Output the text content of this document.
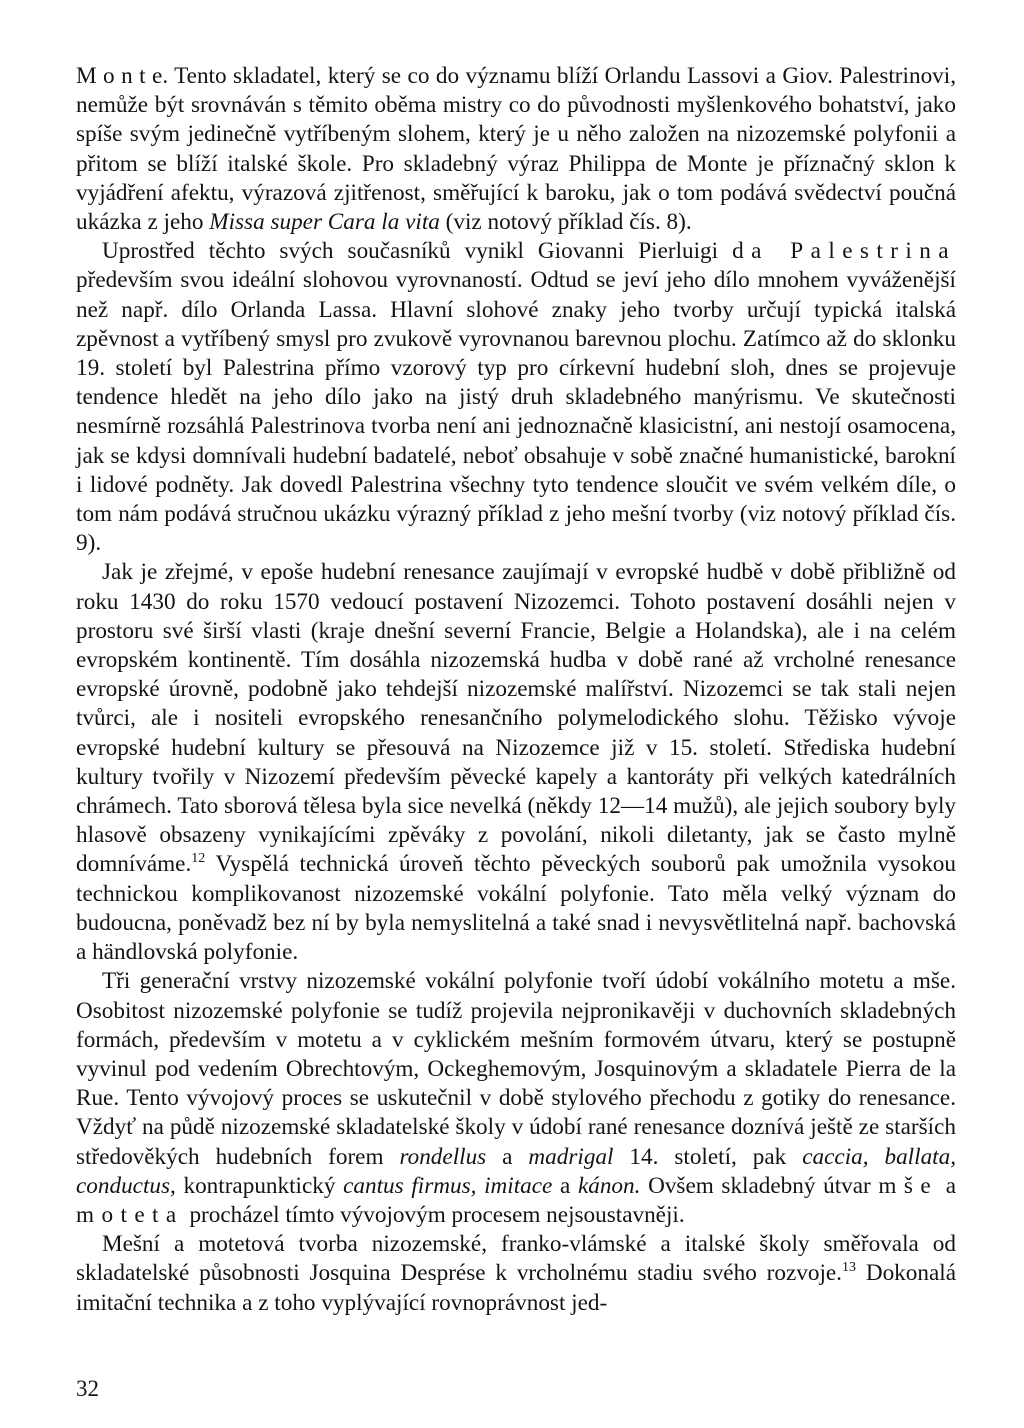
M o n t e. Tento skladatel, který se co do významu blíží Orlandu Lassovi a Giov. Palestrinovi, nemůže být srovnáván s těmito oběma mistry co do původnosti myšlenkového bohatství, jako spíše svým jedinečně vytříbeným slohem, který je u něho založen na nizozemské polyfonii a přitom se blíží italské škole. Pro skladebný výraz Philippa de Monte je příznačný sklon k vyjádření afektu, výrazová zjitřenost, směřující k baroku, jak o tom podává svědectví poučná ukázka z jeho Missa super Cara la vita (viz notový příklad čís. 8).

Uprostřed těchto svých současníků vynikl Giovanni Pierluigi da Palestrina především svou ideální slohovou vyrovnaností. Odtud se jeví jeho dílo mnohem vyváženější než např. dílo Orlanda Lassa. Hlavní slohové znaky jeho tvorby určují typická italská zpěvnost a vytříbený smysl pro zvukově vyrovnanou barevnou plochu. Zatímco až do sklonku 19. století byl Palestrina přímo vzorový typ pro církevní hudební sloh, dnes se projevuje tendence hledět na jeho dílo jako na jistý druh skladebného manýrismu. Ve skutečnosti nesmírně rozsáhlá Palestrinova tvorba není ani jednoznačně klasicistní, ani nestojí osamocena, jak se kdysi domnívali hudební badatelé, neboť obsahuje v sobě značné humanistické, barokní i lidové podněty. Jak dovedl Palestrina všechny tyto tendence sloučit ve svém velkém díle, o tom nám podává stručnou ukázku výrazný příklad z jeho mešní tvorby (viz notový příklad čís. 9).

Jak je zřejmé, v epoše hudební renesance zaujímají v evropské hudbě v době přibližně od roku 1430 do roku 1570 vedoucí postavení Nizozemci. Tohoto postavení dosáhli nejen v prostoru své širší vlasti (kraje dnešní severní Francie, Belgie a Holandska), ale i na celém evropském kontinentě. Tím dosáhla nizozemská hudba v době rané až vrcholné renesance evropské úrovně, podobně jako tehdejší nizozemské malířství. Nizozemci se tak stali nejen tvůrci, ale i nositeli evropského renesančního polymelodického slohu. Těžisko vývoje evropské hudební kultury se přesouvá na Nizozemce již v 15. století. Střediska hudební kultury tvořily v Nizozemí především pěvecké kapely a kantoráty při velkých katedrálních chrámech. Tato sborová tělesa byla sice nevelká (někdy 12—14 mužů), ale jejich soubory byly hlasově obsazeny vynikajícími zpěváky z povolání, nikoli diletanty, jak se často mylně domníváme.$^{12}$ Vyspělá technická úroveň těchto pěveckých souborů pak umožnila vysokou technickou komplikovanost nizozemské vokální polyfonie. Tato měla velký význam do budoucna, poněvadž bez ní by byla nemyslitelná a také snad i nevysvětlitelná např. bachovská a händlovská polyfonie.

Tři generační vrstvy nizozemské vokální polyfonie tvoří údobí vokálního motetu a mše. Osobitost nizozemské polyfonie se tudíž projevila nejpronikavěji v duchovních skladebných formách, především v motetu a v cyklickém mešním formovém útvaru, který se postupně vyvinul pod vedením Obrechtovým, Ockeghemovým, Josquinovým a skladatele Pierra de la Rue. Tento vývojový proces se uskutečnil v době stylového přechodu z gotiky do renesance. Vždyť na půdě nizozemské skladatelské školy v údobí rané renesance doznívá ještě ze starších středověkých hudebních forem rondellus a madrigal 14. století, pak caccia, ballata, conductus, kontrapunktický cantus firmus, imitace a kánon. Ovšem skladebný útvar mše a moteta procházel tímto vývojovým procesem nejsoustavněji.

Mešní a motetová tvorba nizozemské, franko-vlámské a italské školy směřovala od skladatelské působnosti Josquina Desprése k vrcholnému stadiu svého rozvoje.$^{13}$ Dokonalá imitační technika a z toho vyplývající rovnoprávnost jed-

32
